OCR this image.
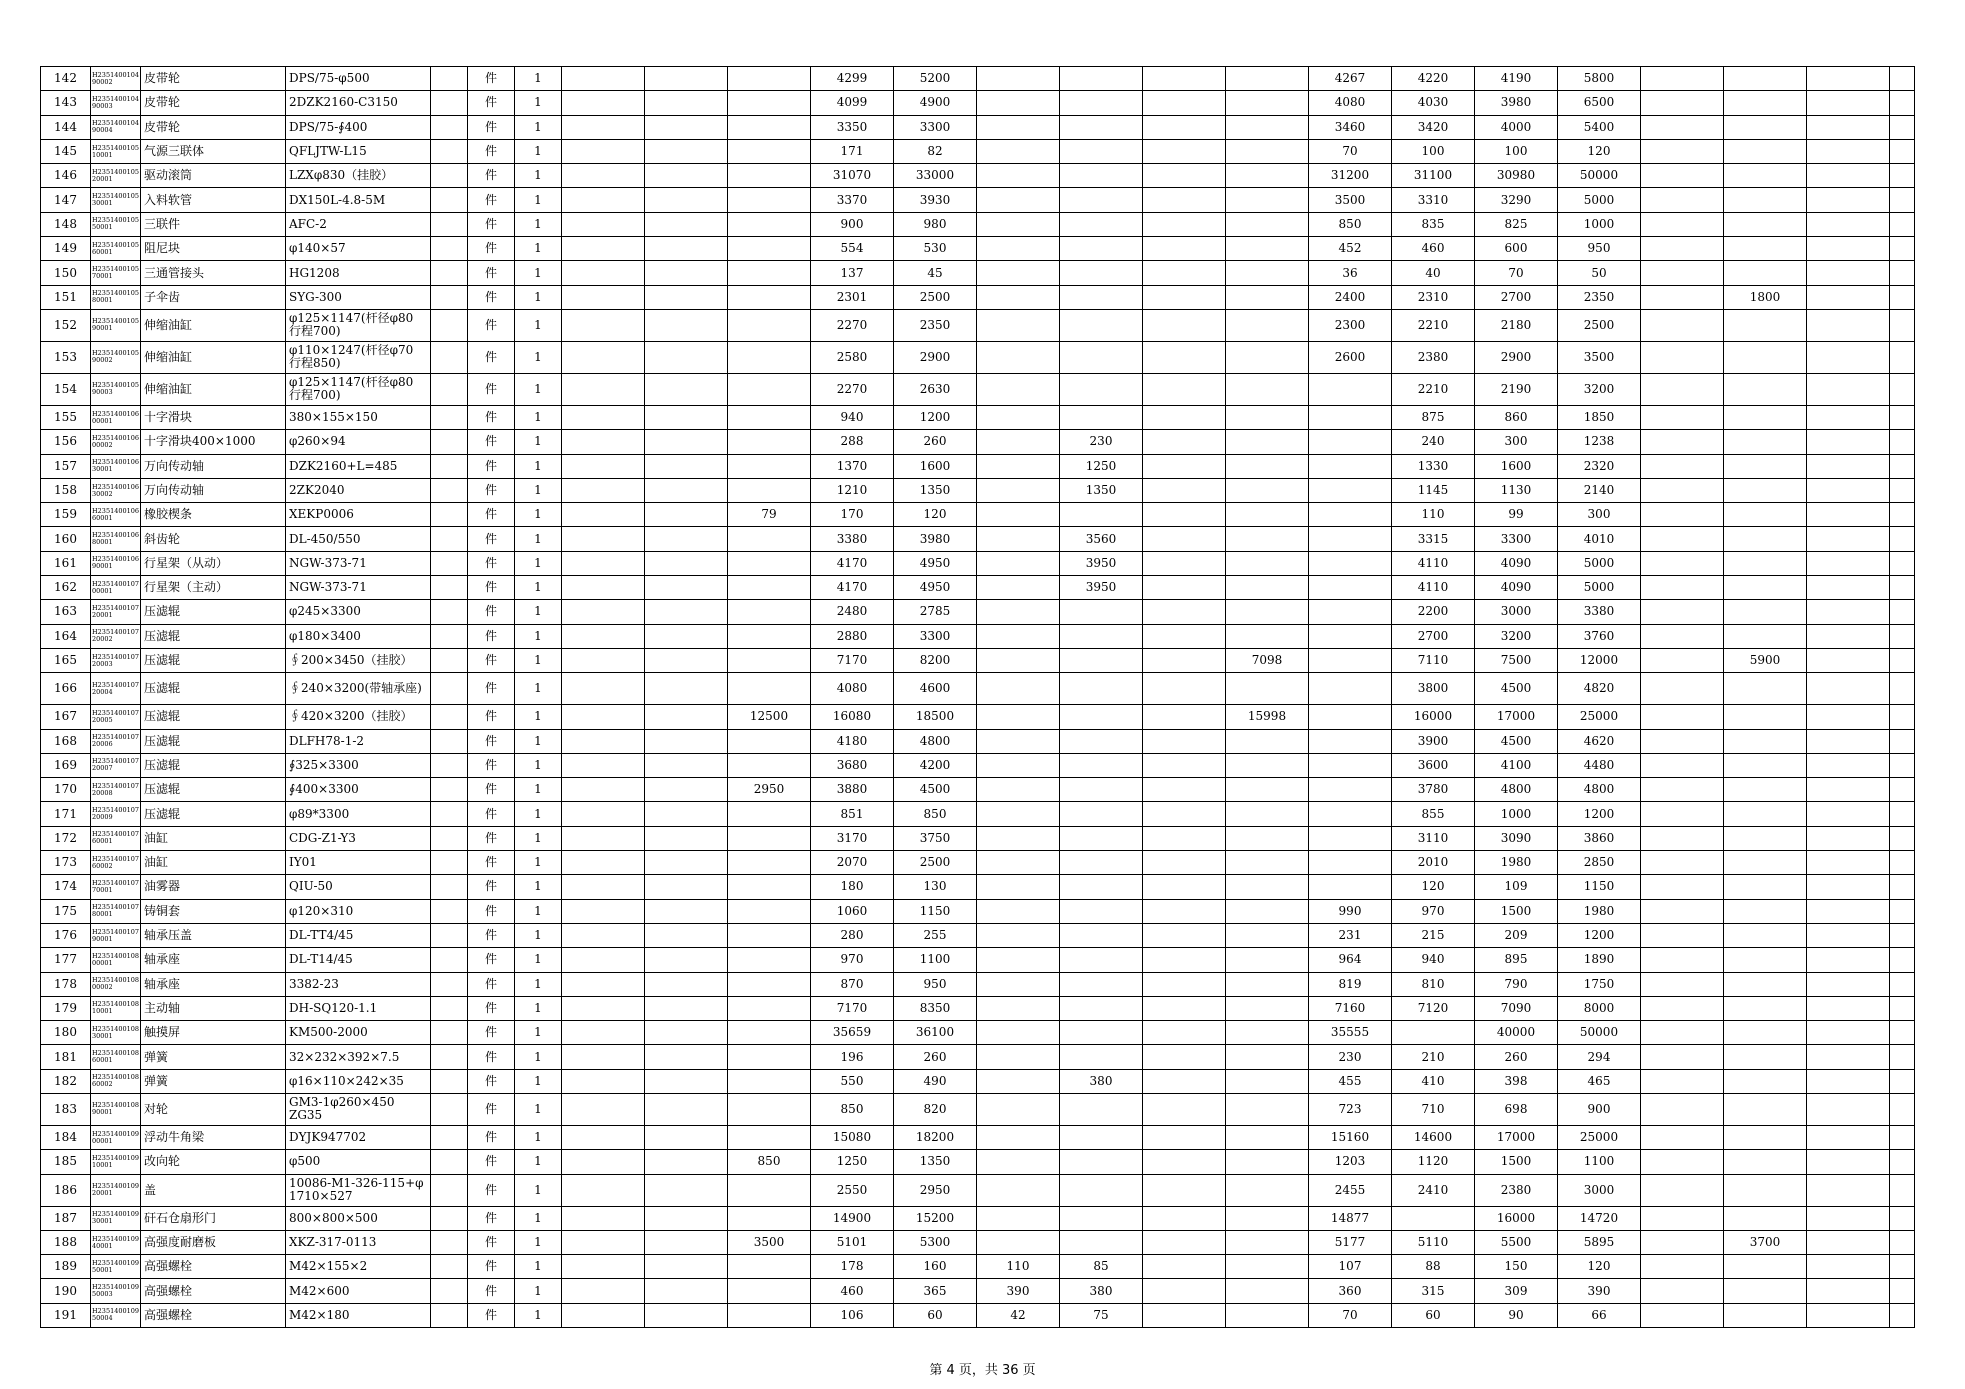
142	H2351400104 90002	皮带轮	DPS/75-φ500		件	1				4299	5200					4267	4220	4190	5800				
143	H2351400104 90003	皮带轮	2DZK2160-C3150		件	1				4099	4900					4080	4030	3980	6500				
144	H2351400104 90004	皮带轮	DPS/75-∮400		件	1				3350	3300					3460	3420	4000	5400				
145	H2351400105 10001	气源三联体	QFLJTW-L15		件	1				171	82					70	100	100	120				
146	H2351400105 20001	驱动滚筒	LZXφ830（挂胶）		件	1				31070	33000					31200	31100	30980	50000				
147	H2351400105 30001	入料软管	DX150L-4.8-5M		件	1				3370	3930					3500	3310	3290	5000				
148	H2351400105 50001	三联件	AFC-2		件	1				900	980					850	835	825	1000				
149	H2351400105 60001	阻尼块	φ140×57		件	1				554	530					452	460	600	950				
150	H2351400105 70001	三通管接头	HG1208		件	1				137	45					36	40	70	50				
151	H2351400105 80001	子伞齿	SYG-300		件	1				2301	2500					2400	2310	2700	2350		1800		
152	H2351400105 90001	伸缩油缸	φ125×1147(杆径φ80 行程700)		件	1				2270	2350					2300	2210	2180	2500				
153	H2351400105 90002	伸缩油缸	φ110×1247(杆径φ70 行程850)		件	1				2580	2900					2600	2380	2900	3500				
154	H2351400105 90003	伸缩油缸	φ125×1147(杆径φ80 行程700)		件	1				2270	2630						2210	2190	3200				
155	H2351400106 00001	十字滑块	380×155×150		件	1				940	1200						875	860	1850				
156	H2351400106 00002	十字滑块400×1000	φ260×94		件	1				288	260		230				240	300	1238				
157	H2351400106 30001	万向传动轴	DZK2160+L=485		件	1				1370	1600		1250				1330	1600	2320				
158	H2351400106 30002	万向传动轴	2ZK2040		件	1				1210	1350		1350				1145	1130	2140				
159	H2351400106 60001	橡胶楔条	XEKP0006		件	1			79	170	120						110	99	300				
160	H2351400106 80001	斜齿轮	DL-450/550		件	1				3380	3980		3560				3315	3300	4010				
161	H2351400106 90001	行星架（从动）	NGW-373-71		件	1				4170	4950		3950				4110	4090	5000				
162	H2351400107 00001	行星架（主动）	NGW-373-71		件	1				4170	4950		3950				4110	4090	5000				
163	H2351400107 20001	压滤辊	φ245×3300		件	1				2480	2785						2200	3000	3380				
164	H2351400107 20002	压滤辊	φ180×3400		件	1				2880	3300						2700	3200	3760				
165	H2351400107 20003	压滤辊	∮200×3450（挂胶）		件	1				7170	8200				7098		7110	7500	12000		5900		
166	H2351400107 20004	压滤辊	∮240×3200(带轴承座)		件	1				4080	4600						3800	4500	4820				
167	H2351400107 20005	压滤辊	∮420×3200（挂胶）		件	1			12500	16080	18500				15998		16000	17000	25000				
168	H2351400107 20006	压滤辊	DLFH78-1-2		件	1				4180	4800						3900	4500	4620				
169	H2351400107 20007	压滤辊	∮325×3300		件	1				3680	4200						3600	4100	4480				
170	H2351400107 20008	压滤辊	∮400×3300		件	1			2950	3880	4500						3780	4800	4800				
171	H2351400107 20009	压滤辊	φ89*3300		件	1				851	850						855	1000	1200				
172	H2351400107 60001	油缸	CDG-Z1-Y3		件	1				3170	3750						3110	3090	3860				
173	H2351400107 60002	油缸	IY01		件	1				2070	2500						2010	1980	2850				
174	H2351400107 70001	油雾器	QIU-50		件	1				180	130						120	109	1150				
175	H2351400107 80001	铸铜套	φ120×310		件	1				1060	1150					990	970	1500	1980				
176	H2351400107 90001	轴承压盖	DL-TT4/45		件	1				280	255					231	215	209	1200				
177	H2351400108 00001	轴承座	DL-T14/45		件	1				970	1100					964	940	895	1890				
178	H2351400108 00002	轴承座	3382-23		件	1				870	950					819	810	790	1750				
179	H2351400108 10001	主动轴	DH-SQ120-1.1		件	1				7170	8350					7160	7120	7090	8000				
180	H2351400108 30001	触摸屏	KM500-2000		件	1				35659	36100					35555		40000	50000				
181	H2351400108 60001	弹簧	32×232×392×7.5		件	1				196	260					230	210	260	294				
182	H2351400108 60002	弹簧	φ16×110×242×35		件	1				550	490		380			455	410	398	465				
183	H2351400108 90001	对轮	GM3-1φ260×450 ZG35		件	1				850	820					723	710	698	900				
184	H2351400109 00001	浮动牛角梁	DYJK947702		件	1				15080	18200					15160	14600	17000	25000				
185	H2351400109 10001	改向轮	φ500		件	1			850	1250	1350					1203	1120	1500	1100				
186	H2351400109 20001	盖	10086-M1-326-115+φ 1710×527		件	1				2550	2950					2455	2410	2380	3000				
187	H2351400109 30001	矸石仓扇形门	800×800×500		件	1				14900	15200					14877		16000	14720				
188	H2351400109 40001	高强度耐磨板	XKZ-317-0113		件	1			3500	5101	5300					5177	5110	5500	5895		3700		
189	H2351400109 50001	高强螺栓	M42×155×2		件	1				178	160	110	85			107	88	150	120				
190	H2351400109 50003	高强螺栓	M42×600		件	1				460	365	390	380			360	315	309	390				
191	H2351400109 50004	高强螺栓	M42×180		件	1				106	60	42	75			70	60	90	66				
第 4 页，共 36 页
